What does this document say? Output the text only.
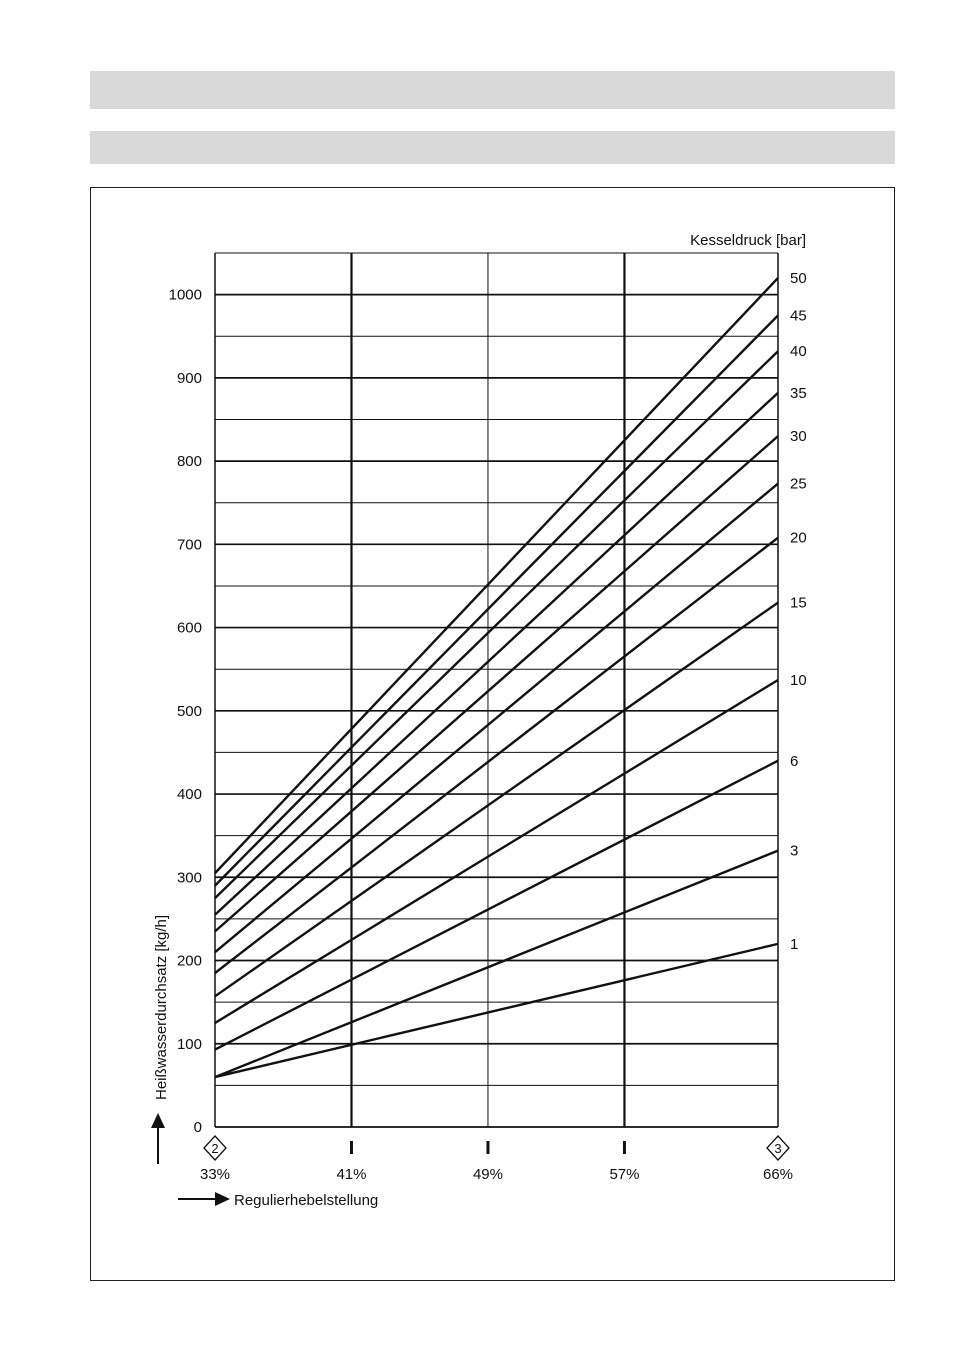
Kesseldruck [bar]
Heißwasserdurchsatz [kg/h]
Regulierhebelstellung
0
100
200
300
400
500
600
700
800
900
1000
33%	41%	49%	57%	66%
2	3
50
45
40
35
30
25
20
15
10
6
3
1
